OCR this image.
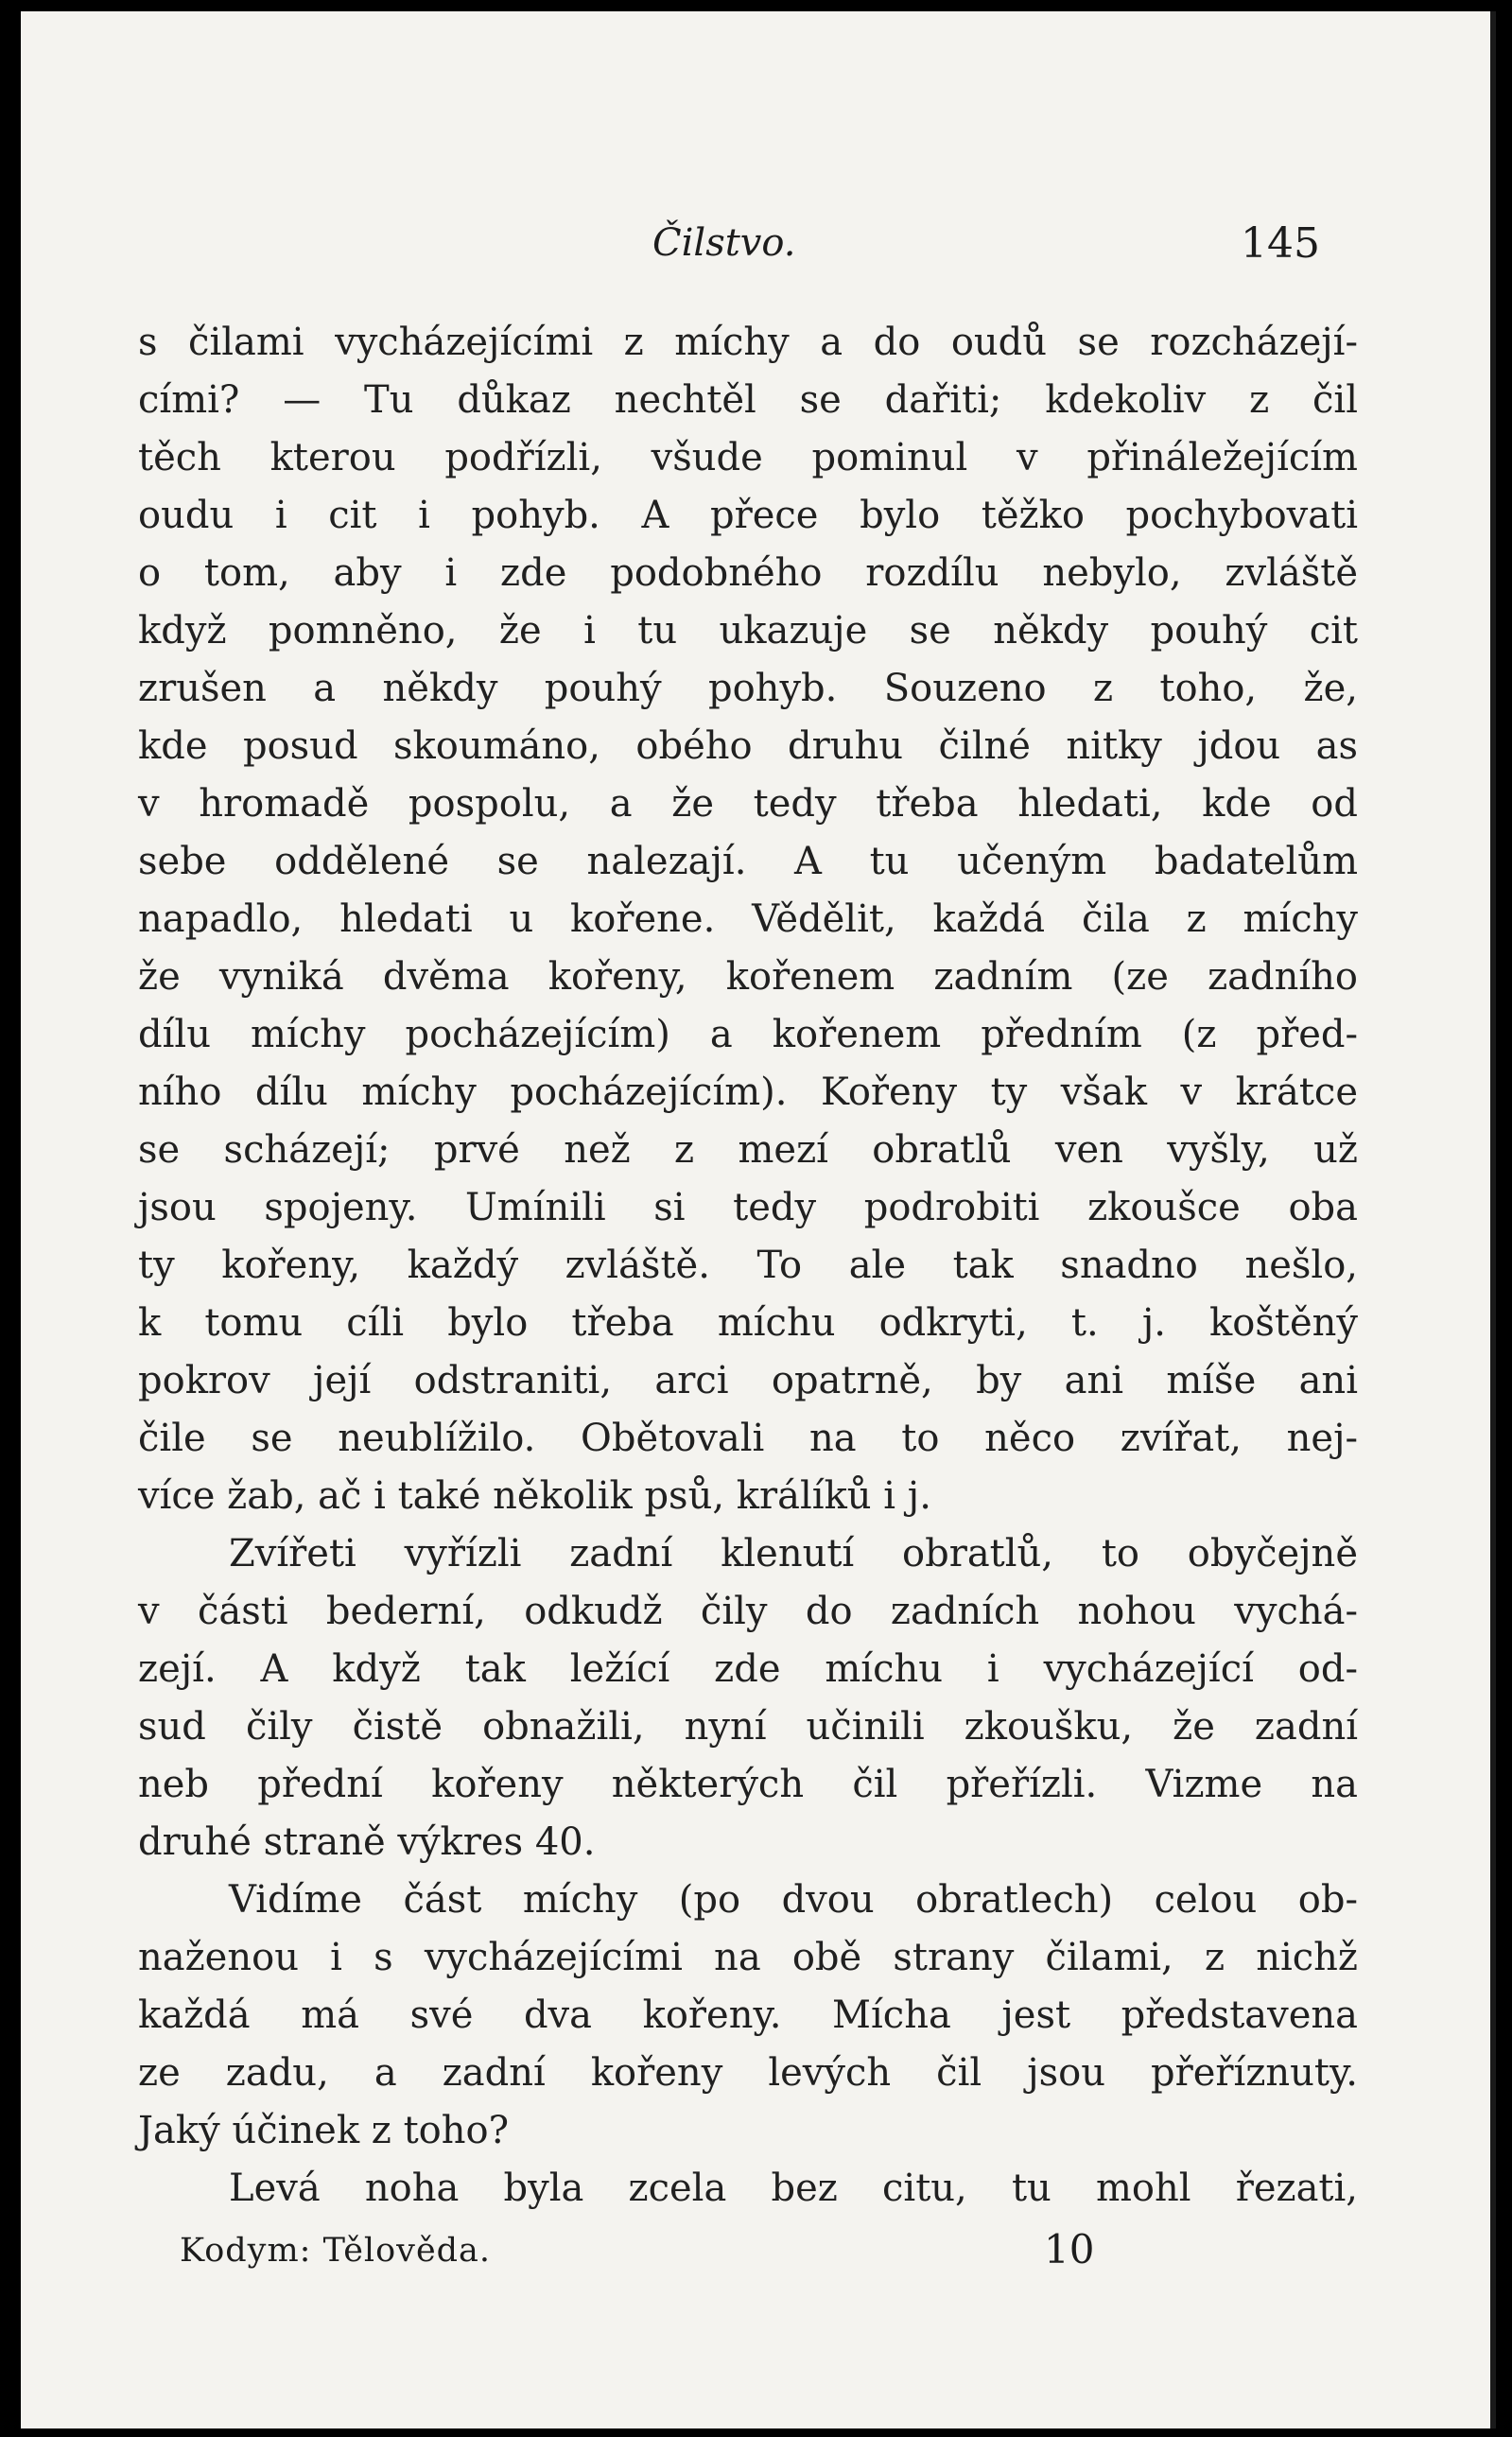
Čilstvo.	145
s čilami vycházejícími z míchy a do oudů se rozcházejí-
cími? — Tu důkaz nechtěl se dařiti; kdekoliv z čil
těch kterou podřízli, všude pominul v přináležejícím
oudu i cit i pohyb. A přece bylo těžko pochybovati
o tom, aby i zde podobného rozdílu nebylo, zvláště
když pomněno, že i tu ukazuje se někdy pouhý cit
zrušen a někdy pouhý pohyb. Souzeno z toho, že,
kde posud skoumáno, obého druhu čilné nitky jdou as
v hromadě pospolu, a že tedy třeba hledati, kde od
sebe oddělené se nalezají. A tu učeným badatelům
napadlo, hledati u kořene. Vědělit, každá čila z míchy
že vyniká dvěma kořeny, kořenem zadním (ze zadního
dílu míchy pocházejícím) a kořenem předním (z před-
ního dílu míchy pocházejícím). Kořeny ty však v krátce
se scházejí; prvé než z mezí obratlů ven vyšly, už
jsou spojeny. Umínili si tedy podrobiti zkoušce oba
ty kořeny, každý zvláště. To ale tak snadno nešlo,
k tomu cíli bylo třeba míchu odkryti, t. j. koštěný
pokrov její odstraniti, arci opatrně, by ani míše ani
čile se neublížilo. Obětovali na to něco zvířat, nej-
více žab, ač i také několik psů, králíků i j.
Zvířeti vyřízli zadní klenutí obratlů, to obyčejně
v části bederní, odkudž čily do zadních nohou vychá-
zejí. A když tak ležící zde míchu i vycházející od-
sud čily čistě obnažili, nyní učinili zkoušku, že zadní
neb přední kořeny některých čil přeřízli. Vizme na
druhé straně výkres 40.
Vidíme část míchy (po dvou obratlech) celou ob-
naženou i s vycházejícími na obě strany čilami, z nichž
každá má své dva kořeny. Mícha jest představena
ze zadu, a zadní kořeny levých čil jsou přeříznuty.
Jaký účinek z toho?
Levá noha byla zcela bez citu, tu mohl řezati,
Kodym: Tělověda.	10
